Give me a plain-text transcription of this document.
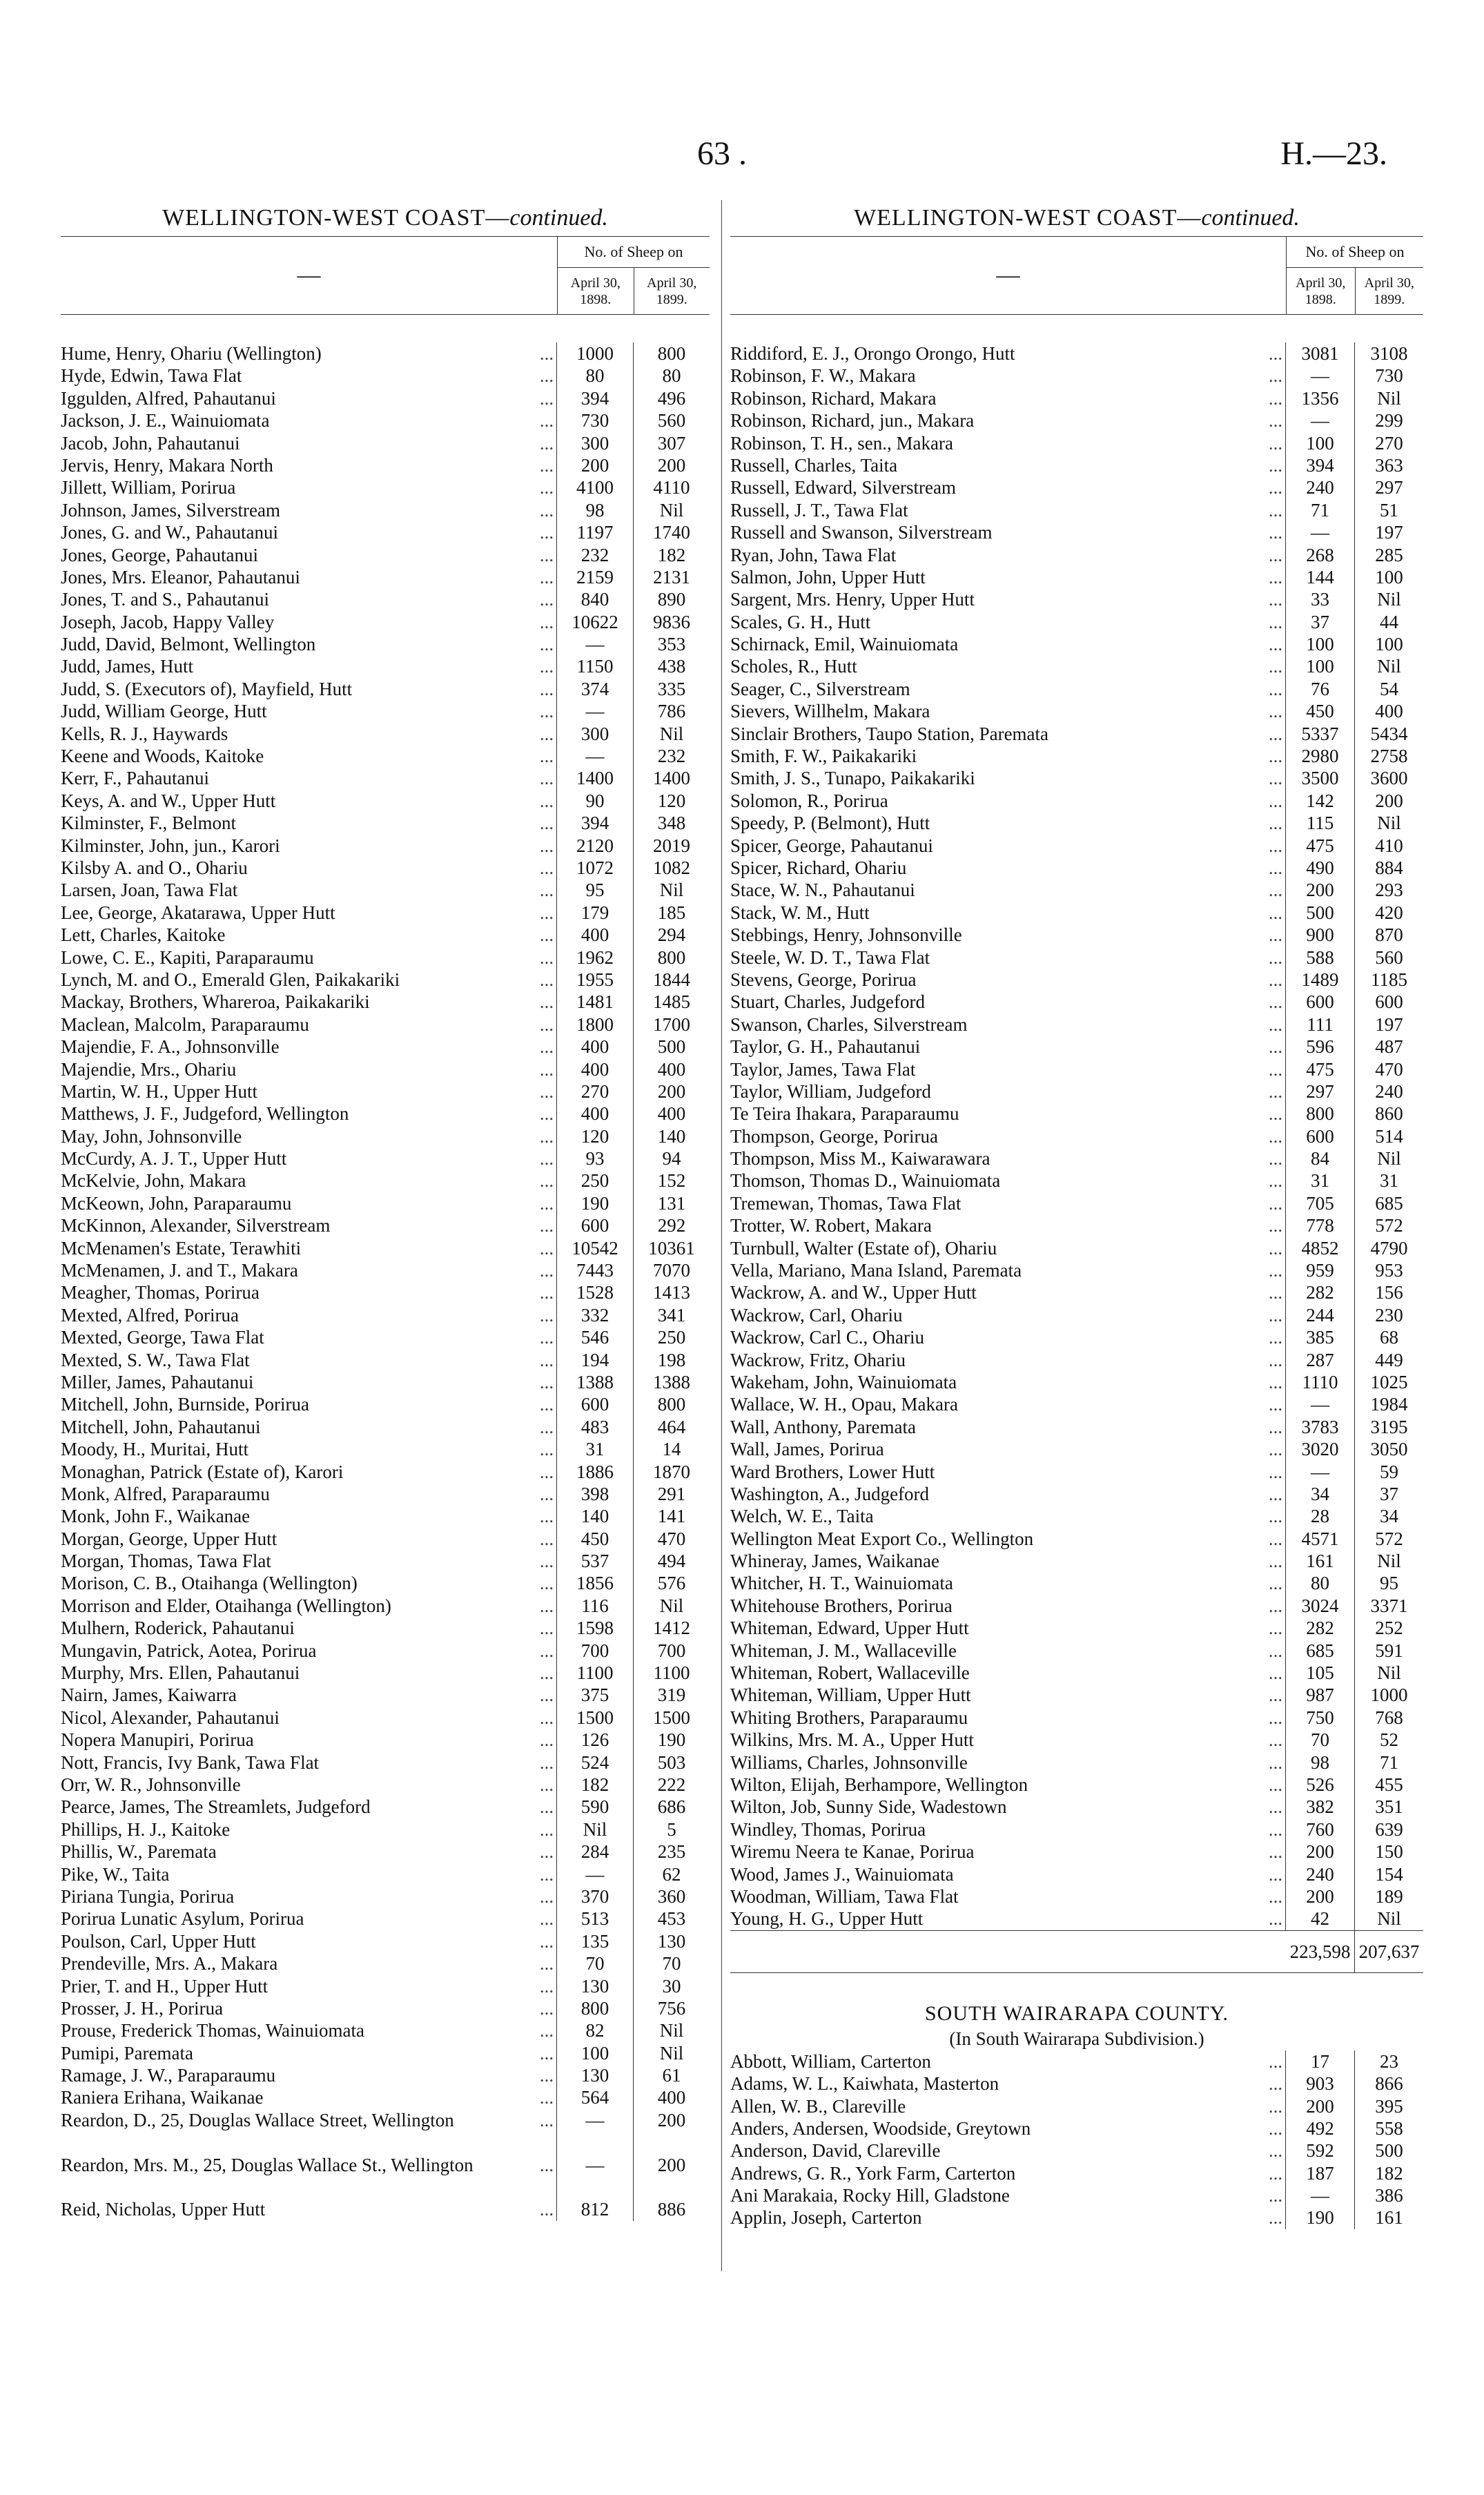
63 .	H.—23.
WELLINGTON-WEST COAST—continued.
—
No. of Sheep on
April 30, 1898.
April 30, 1899.
Hume, Henry, Ohariu (Wellington)	...	1000	800
Hyde, Edwin, Tawa Flat	...	80	80
Iggulden, Alfred, Pahautanui	...	394	496
Jackson, J. E., Wainuiomata	...	730	560
Jacob, John, Pahautanui	...	300	307
Jervis, Henry, Makara North	...	200	200
Jillett, William, Porirua	...	4100	4110
Johnson, James, Silverstream	...	98	Nil
Jones, G. and W., Pahautanui	...	1197	1740
Jones, George, Pahautanui	...	232	182
Jones, Mrs. Eleanor, Pahautanui	...	2159	2131
Jones, T. and S., Pahautanui	...	840	890
Joseph, Jacob, Happy Valley	... 10622	9836
Judd, David, Belmont, Wellington	...	—	353
Judd, James, Hutt	...	1150	438
Judd, S. (Executors of), Mayfield, Hutt	...	374	335
Judd, William George, Hutt	...	—	786
Kells, R. J., Haywards	...	300	Nil
Keene and Woods, Kaitoke	...	—	232
Kerr, F., Pahautanui	...	1400	1400
Keys, A. and W., Upper Hutt	...	90	120
Kilminster, F., Belmont	...	394	348
Kilminster, John, jun., Karori	...	2120	2019
Kilsby A. and O., Ohariu	...	1072	1082
Larsen, Joan, Tawa Flat	...	95	Nil
Lee, George, Akatarawa, Upper Hutt	...	179	185
Lett, Charles, Kaitoke	...	400	294
Lowe, C. E., Kapiti, Paraparaumu	...	1962	800
Lynch, M. and O., Emerald Glen, Paikakariki	...	1955	1844
Mackay, Brothers, Whareroa, Paikakariki	...	1481	1485
Maclean, Malcolm, Paraparaumu	...	1800	1700
Majendie, F. A., Johnsonville	...	400	500
Majendie, Mrs., Ohariu	...	400	400
Martin, W. H., Upper Hutt	...	270	200
Matthews, J. F., Judgeford, Wellington	...	400	400
May, John, Johnsonville	...	120	140
McCurdy, A. J. T., Upper Hutt	...	93	94
McKelvie, John, Makara	...	250	152
McKeown, John, Paraparaumu	...	190	131
McKinnon, Alexander, Silverstream	...	600	292
McMenamen's Estate, Terawhiti	... 10542	10361
McMenamen, J. and T., Makara	...	7443	7070
Meagher, Thomas, Porirua	...	1528	1413
Mexted, Alfred, Porirua	...	332	341
Mexted, George, Tawa Flat	...	546	250
Mexted, S. W., Tawa Flat	...	194	198
Miller, James, Pahautanui	...	1388	1388
Mitchell, John, Burnside, Porirua	...	600	800
Mitchell, John, Pahautanui	...	483	464
Moody, H., Muritai, Hutt	...	31	14
Monaghan, Patrick (Estate of), Karori	...	1886	1870
Monk, Alfred, Paraparaumu	...	398	291
Monk, John F., Waikanae	...	140	141
Morgan, George, Upper Hutt	...	450	470
Morgan, Thomas, Tawa Flat	...	537	494
Morison, C. B., Otaihanga (Wellington)	...	1856	576
Morrison and Elder, Otaihanga (Wellington)	...	116	Nil
Mulhern, Roderick, Pahautanui	...	1598	1412
Mungavin, Patrick, Aotea, Porirua	...	700	700
Murphy, Mrs. Ellen, Pahautanui	...	1100	1100
Nairn, James, Kaiwarra	...	375	319
Nicol, Alexander, Pahautanui	...	1500	1500
Nopera Manupiri, Porirua	...	126	190
Nott, Francis, Ivy Bank, Tawa Flat	...	524	503
Orr, W. R., Johnsonville	...	182	222
Pearce, James, The Streamlets, Judgeford	...	590	686
Phillips, H. J., Kaitoke	...	Nil	5
Phillis, W., Paremata	...	284	235
Pike, W., Taita	...	—	62
Piriana Tungia, Porirua	...	370	360
Porirua Lunatic Asylum, Porirua	...	513	453
Poulson, Carl, Upper Hutt	...	135	130
Prendeville, Mrs. A., Makara	...	70	70
Prier, T. and H., Upper Hutt	...	130	30
Prosser, J. H., Porirua	...	800	756
Prouse, Frederick Thomas, Wainuiomata	...	82	Nil
Pumipi, Paremata	...	100	Nil
Ramage, J. W., Paraparaumu	...	130	61
Raniera Erihana, Waikanae	...	564	400
Reardon, D., 25, Douglas Wallace Street, Wellington	...	—	200
Reardon, Mrs. M., 25, Douglas Wallace St., Wellington	...	—	200
Reid, Nicholas, Upper Hutt	...	812	886
WELLINGTON-WEST COAST—continued.
—
No. of Sheep on
April 30, 1898.
April 30, 1899.
Riddiford, E. J., Orongo Orongo, Hutt	...	3081	3108
Robinson, F. W., Makara	...	—	730
Robinson, Richard, Makara	...	1356	Nil
Robinson, Richard, jun., Makara	...	—	299
Robinson, T. H., sen., Makara	...	100	270
Russell, Charles, Taita	...	394	363
Russell, Edward, Silverstream	...	240	297
Russell, J. T., Tawa Flat	...	71	51
Russell and Swanson, Silverstream	...	—	197
Ryan, John, Tawa Flat	...	268	285
Salmon, John, Upper Hutt	...	144	100
Sargent, Mrs. Henry, Upper Hutt	...	33	Nil
Scales, G. H., Hutt	...	37	44
Schirnack, Emil, Wainuiomata	...	100	100
Scholes, R., Hutt	...	100	Nil
Seager, C., Silverstream	...	76	54
Sievers, Willhelm, Makara	...	450	400
Sinclair Brothers, Taupo Station, Paremata	...	5337	5434
Smith, F. W., Paikakariki	...	2980	2758
Smith, J. S., Tunapo, Paikakariki	...	3500	3600
Solomon, R., Porirua	...	142	200
Speedy, P. (Belmont), Hutt	...	115	Nil
Spicer, George, Pahautanui	...	475	410
Spicer, Richard, Ohariu	...	490	884
Stace, W. N., Pahautanui	...	200	293
Stack, W. M., Hutt	...	500	420
Stebbings, Henry, Johnsonville	...	900	870
Steele, W. D. T., Tawa Flat	...	588	560
Stevens, George, Porirua	...	1489	1185
Stuart, Charles, Judgeford	...	600	600
Swanson, Charles, Silverstream	...	111	197
Taylor, G. H., Pahautanui	...	596	487
Taylor, James, Tawa Flat	...	475	470
Taylor, William, Judgeford	...	297	240
Te Teira Ihakara, Paraparaumu	...	800	860
Thompson, George, Porirua	...	600	514
Thompson, Miss M., Kaiwarawara	...	84	Nil
Thomson, Thomas D., Wainuiomata	...	31	31
Tremewan, Thomas, Tawa Flat	...	705	685
Trotter, W. Robert, Makara	...	778	572
Turnbull, Walter (Estate of), Ohariu	...	4852	4790
Vella, Mariano, Mana Island, Paremata	...	959	953
Wackrow, A. and W., Upper Hutt	...	282	156
Wackrow, Carl, Ohariu	...	244	230
Wackrow, Carl C., Ohariu	...	385	68
Wackrow, Fritz, Ohariu	...	287	449
Wakeham, John, Wainuiomata	...	1110	1025
Wallace, W. H., Opau, Makara	...	—	1984
Wall, Anthony, Paremata	...	3783	3195
Wall, James, Porirua	...	3020	3050
Ward Brothers, Lower Hutt	...	—	59
Washington, A., Judgeford	...	34	37
Welch, W. E., Taita	...	28	34
Wellington Meat Export Co., Wellington	...	4571	572
Whineray, James, Waikanae	...	161	Nil
Whitcher, H. T., Wainuiomata	...	80	95
Whitehouse Brothers, Porirua	...	3024	3371
Whiteman, Edward, Upper Hutt	...	282	252
Whiteman, J. M., Wallaceville	...	685	591
Whiteman, Robert, Wallaceville	...	105	Nil
Whiteman, William, Upper Hutt	...	987	1000
Whiting Brothers, Paraparaumu	...	750	768
Wilkins, Mrs. M. A., Upper Hutt	...	70	52
Williams, Charles, Johnsonville	...	98	71
Wilton, Elijah, Berhampore, Wellington	...	526	455
Wilton, Job, Sunny Side, Wadestown	...	382	351
Windley, Thomas, Porirua	...	760	639
Wiremu Neera te Kanae, Porirua	...	200	150
Wood, James J., Wainuiomata	...	240	154
Woodman, William, Tawa Flat	...	200	189
Young, H. G., Upper Hutt	...	42	Nil
223,598 207,637
SOUTH WAIRARAPA COUNTY.
(In South Wairarapa Subdivision.)
Abbott, William, Carterton	...	17	23
Adams, W. L., Kaiwhata, Masterton	...	903	866
Allen, W. B., Clareville	...	200	395
Anders, Andersen, Woodside, Greytown	...	492	558
Anderson, David, Clareville	...	592	500
Andrews, G. R., York Farm, Carterton	...	187	182
Ani Marakaia, Rocky Hill, Gladstone	...	—	386
Applin, Joseph, Carterton	...	190	161
